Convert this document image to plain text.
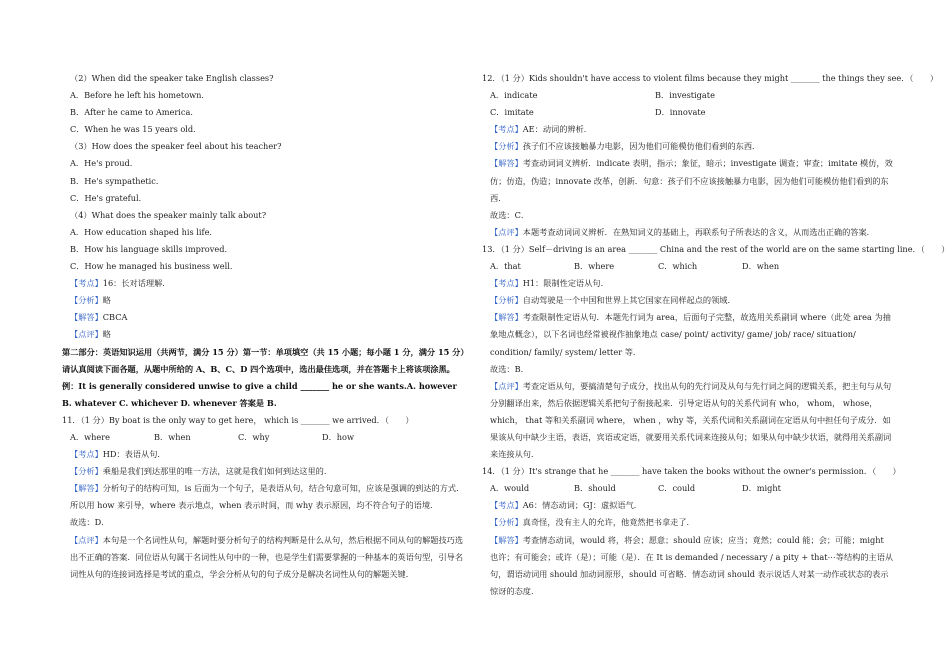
（2）When did the speaker take English classes?
A．Before he left his hometown．
B．After he came to America．
C．When he was 15 years old．
（3）How does the speaker feel about his teacher?
A．He's proud．
B．He's sympathetic．
C．He's grateful．
（4）What does the speaker mainly talk about?
A．How education shaped his life．
B．How his language skills improved．
C．How he managed his business well．
【考点】16：长对话理解．
【分析】略
【解答】CBCA
【点评】略
第二部分：英语知识运用（共两节，满分 15 分）第一节：单项填空（共 15 小题；每小题 1 分，满分 15 分）请认真阅读下面各题，从题中所给的 A、B、C、D 四个选项中，选出最佳选项，并在答题卡上将该项涂黑。例：It is generally considered unwise to give a child _______ he or she wants.A. however B. whatever C. whichever D. whenever 答案是 B.
11．（1 分）By boat is the only way to get here， which is _______ we arrived．（　　）
A．where	B．when	C．why	D．how
【考点】HD：表语从句．
【分析】乘船是我们到达那里的唯一方法，这就是我们如何到达这里的．
【解答】分析句子的结构可知，is 后面为一个句子，是表语从句，结合句意可知，应该是强调的到达的方式．所以用 how 来引导，where 表示地点，when 表示时间，而 why 表示原因，均不符合句子的语境．
故选：D．
【点评】本句是一个名词性从句，解题时要分析句子的结构判断是什么从句，然后根据不同从句的解题技巧选出不正确的答案．同位语从句属于名词性从句中的一种，也是学生们需要掌握的一种基本的英语句型，引导名词性从句的连接词选择是考试的重点，学会分析从句的句子成分是解决名词性从句的解题关键．
12．（1 分）Kids shouldn't have access to violent films because they might _______ the things they see．（　　）
A．indicate	B．investigate
C．imitate	D．innovate
【考点】AE：动词的辨析．
【分析】孩子们不应该接触暴力电影，因为他们可能模仿他们看到的东西．
【解答】考查动词词义辨析．indicate 表明，指示；象征，暗示；investigate 调查；审查；imitate 模仿，效仿；仿造，伪造；innovate 改革，创新．句意：孩子们不应该接触暴力电影，因为他们可能模仿他们看到的东西．
故选：C．
【点评】本题考查动词词义辨析．在熟知词义的基础上，再联系句子所表达的含义，从而选出正确的答案．
13．（1 分）Self－driving is an area _______ China and the rest of the world are on the same starting line．（　　）
A．that	B．where	C．which	D．when
【考点】H1：限制性定语从句．
【分析】自动驾驶是一个中国和世界上其它国家在同样起点的领域．
【解答】考查限制性定语从句．本题先行词为 area，后面句子完整，故选用关系副词 where（此处 area 为抽象地点概念），以下名词也经常被视作抽象地点 case/ point/ activity/ game/ job/ race/ situation/ condition/ family/ system/ letter 等．
故选：B．
【点评】考查定语从句，要搞清楚句子成分，找出从句的先行词及从句与先行词之间的逻辑关系，把主句与从句分别翻译出来，然后依据逻辑关系把句子衔接起来．引导定语从句的关系代词有 who， whom， whose， which， that 等和关系副词 where， when ，why 等，关系代词和关系副词在定语从句中担任句子成分．如果该从句中缺少主语，表语，宾语或定语，就要用关系代词来连接从句；如果从句中缺少状语，就得用关系副词来连接从句．
14．（1 分）It's strange that he _______ have taken the books without the owner's permission．（　　）
A．would	B．should	C．could	D．might
【考点】A6：情态动词；GJ：虚拟语气．
【分析】真奇怪，没有主人的允许，他竟然把书拿走了．
【解答】考查情态动词，would 将，将会；愿意；should 应该；应当；竟然；could 能；会；可能；might 也许；有可能会；或许（是）；可能（是）．在 It is demanded / necessary / a pity + that⋯等结构的主语从句，谓语动词用 should 加动词原形，should 可省略．情态动词 should 表示说话人对某一动作或状态的表示惊讶的态度．
